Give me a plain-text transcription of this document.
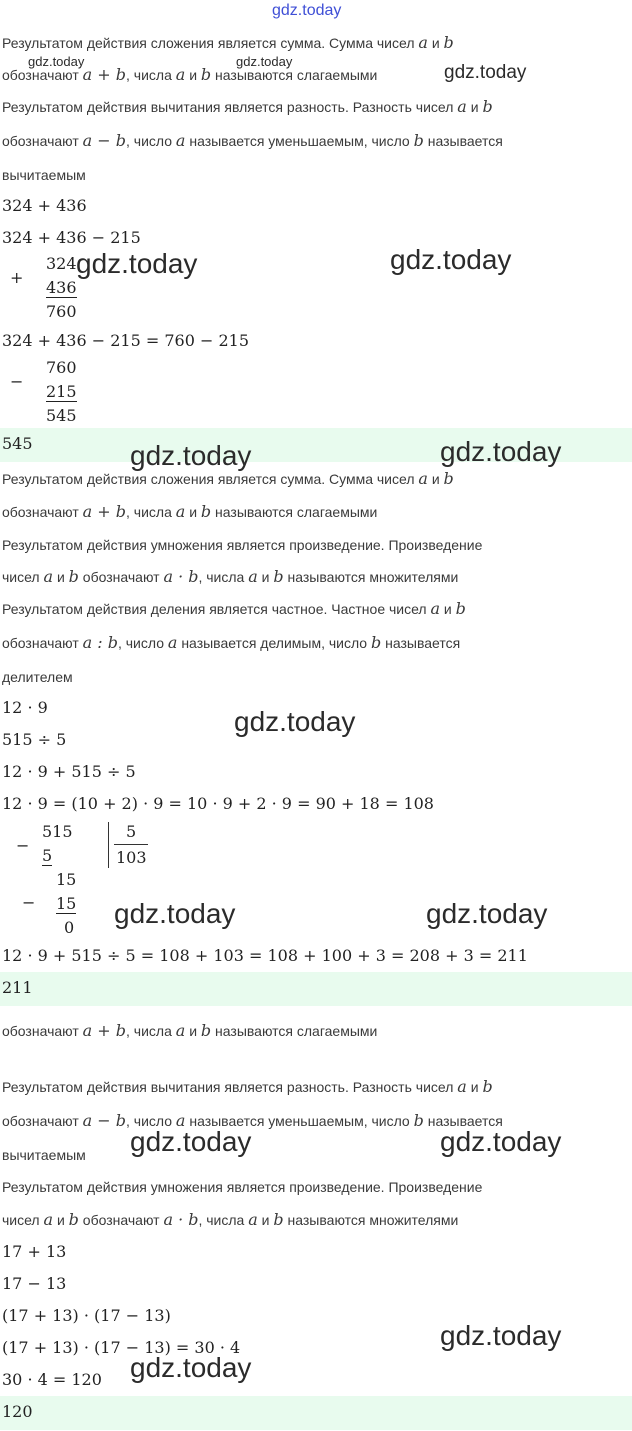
gdz.today
Результатом действия сложения является сумма. Сумма чисел a и b
gdz.today	gdz.today
обозначают a + b, числа a и b называются слагаемыми	gdz.today
Результатом действия вычитания является разность. Разность чисел a и b
обозначают a − b, число a называется уменьшаемым, число b называется
вычитаемым
324 + 436
324 + 436 − 215
+
324
436
760
gdz.today	gdz.today
324 + 436 − 215 = 760 − 215
−
760
215
545
545	gdz.today	gdz.today
Результатом действия сложения является сумма. Сумма чисел a и b
обозначают a + b, числа a и b называются слагаемыми
Результатом действия умножения является произведение. Произведение
чисел a и b обозначают a · b, числа a и b называются множителями
Результатом действия деления является частное. Частное чисел a и b
обозначают a : b, число a называется делимым, число b называется
делителем
12 · 9
515 ÷ 5
gdz.today
12 · 9 + 515 ÷ 5
12 · 9 = (10 + 2) · 9 = 10 · 9 + 2 · 9 = 90 + 18 = 108
−
515
5
5
103
15
− 15
0 gdz.today	gdz.today
12 · 9 + 515 ÷ 5 = 108 + 103 = 108 + 100 + 3 = 208 + 3 = 211
211
обозначают a + b, числа a и b называются слагаемыми
Результатом действия вычитания является разность. Разность чисел a и b
обозначают a − b, число a называется уменьшаемым, число b называется
вычитаемым gdz.today	gdz.today
Результатом действия умножения является произведение. Произведение
чисел a и b обозначают a · b, числа a и b называются множителями
17 + 13
17 − 13
(17 + 13) · (17 − 13)
(17 + 13) · (17 − 13) = 30 · 4	gdz.today
30 · 4 = 120 gdz.today
120
